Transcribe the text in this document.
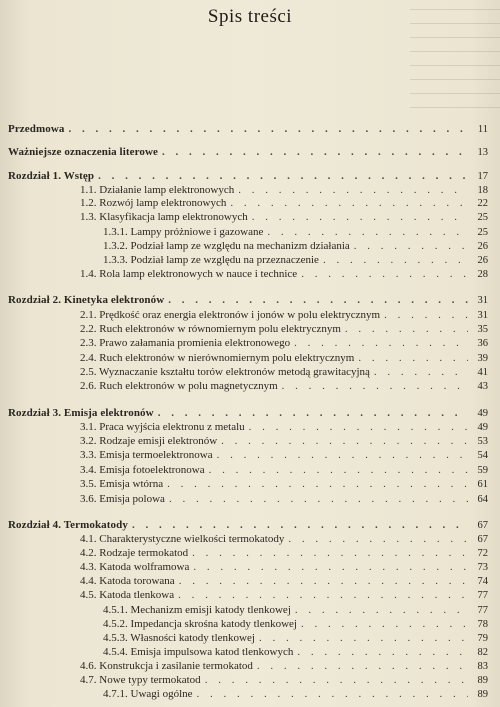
Spis treści
Przedmowa . . .	11
Ważniejsze oznaczenia literowe . . .	13
Rozdział 1. Wstęp . . .	17
1.1. Działanie lamp elektronowych . . .	18
1.2. Rozwój lamp elektronowych . . .	22
1.3. Klasyfikacja lamp elektronowych . . .	25
1.3.1. Lampy próżniowe i gazowane . . .	25
1.3.2. Podział lamp ze względu na mechanizm działania . . .	26
1.3.3. Podział lamp ze względu na przeznaczenie . . .	26
1.4. Rola lamp elektronowych w nauce i technice . . .	28
Rozdział 2. Kinetyka elektronów . . .	31
2.1. Prędkość oraz energia elektronów i jonów w polu elektrycznym . . .	31
2.2. Ruch elektronów w równomiernym polu elektrycznym . . .	35
2.3. Prawo załamania promienia elektronowego . . .	36
2.4. Ruch elektronów w nierównomiernym polu elektrycznym . . .	39
2.5. Wyznaczanie kształtu torów elektronów metodą grawitacyjną . . .	41
2.6. Ruch elektronów w polu magnetycznym . . .	43
Rozdział 3. Emisja elektronów . . .	49
3.1. Praca wyjścia elektronu z metalu . . .	49
3.2. Rodzaje emisji elektronów . . .	53
3.3. Emisja termoelektronowa . . .	54
3.4. Emisja fotoelektronowa . . .	59
3.5. Emisja wtórna . . .	61
3.6. Emisja polowa . . .	64
Rozdział 4. Termokatody . . .	67
4.1. Charakterystyczne wielkości termokatody . . .	67
4.2. Rodzaje termokatod . . .	72
4.3. Katoda wolframowa . . .	73
4.4. Katoda torowana . . .	74
4.5. Katoda tlenkowa . . .	77
4.5.1. Mechanizm emisji katody tlenkowej . . .	77
4.5.2. Impedancja skrośna katody tlenkowej . . .	78
4.5.3. Własności katody tlenkowej . . .	79
4.5.4. Emisja impulsowa katod tlenkowych . . .	82
4.6. Konstrukcja i zasilanie termokatod . . .	83
4.7. Nowe typy termokatod . . .	89
4.7.1. Uwagi ogólne . . .	89
